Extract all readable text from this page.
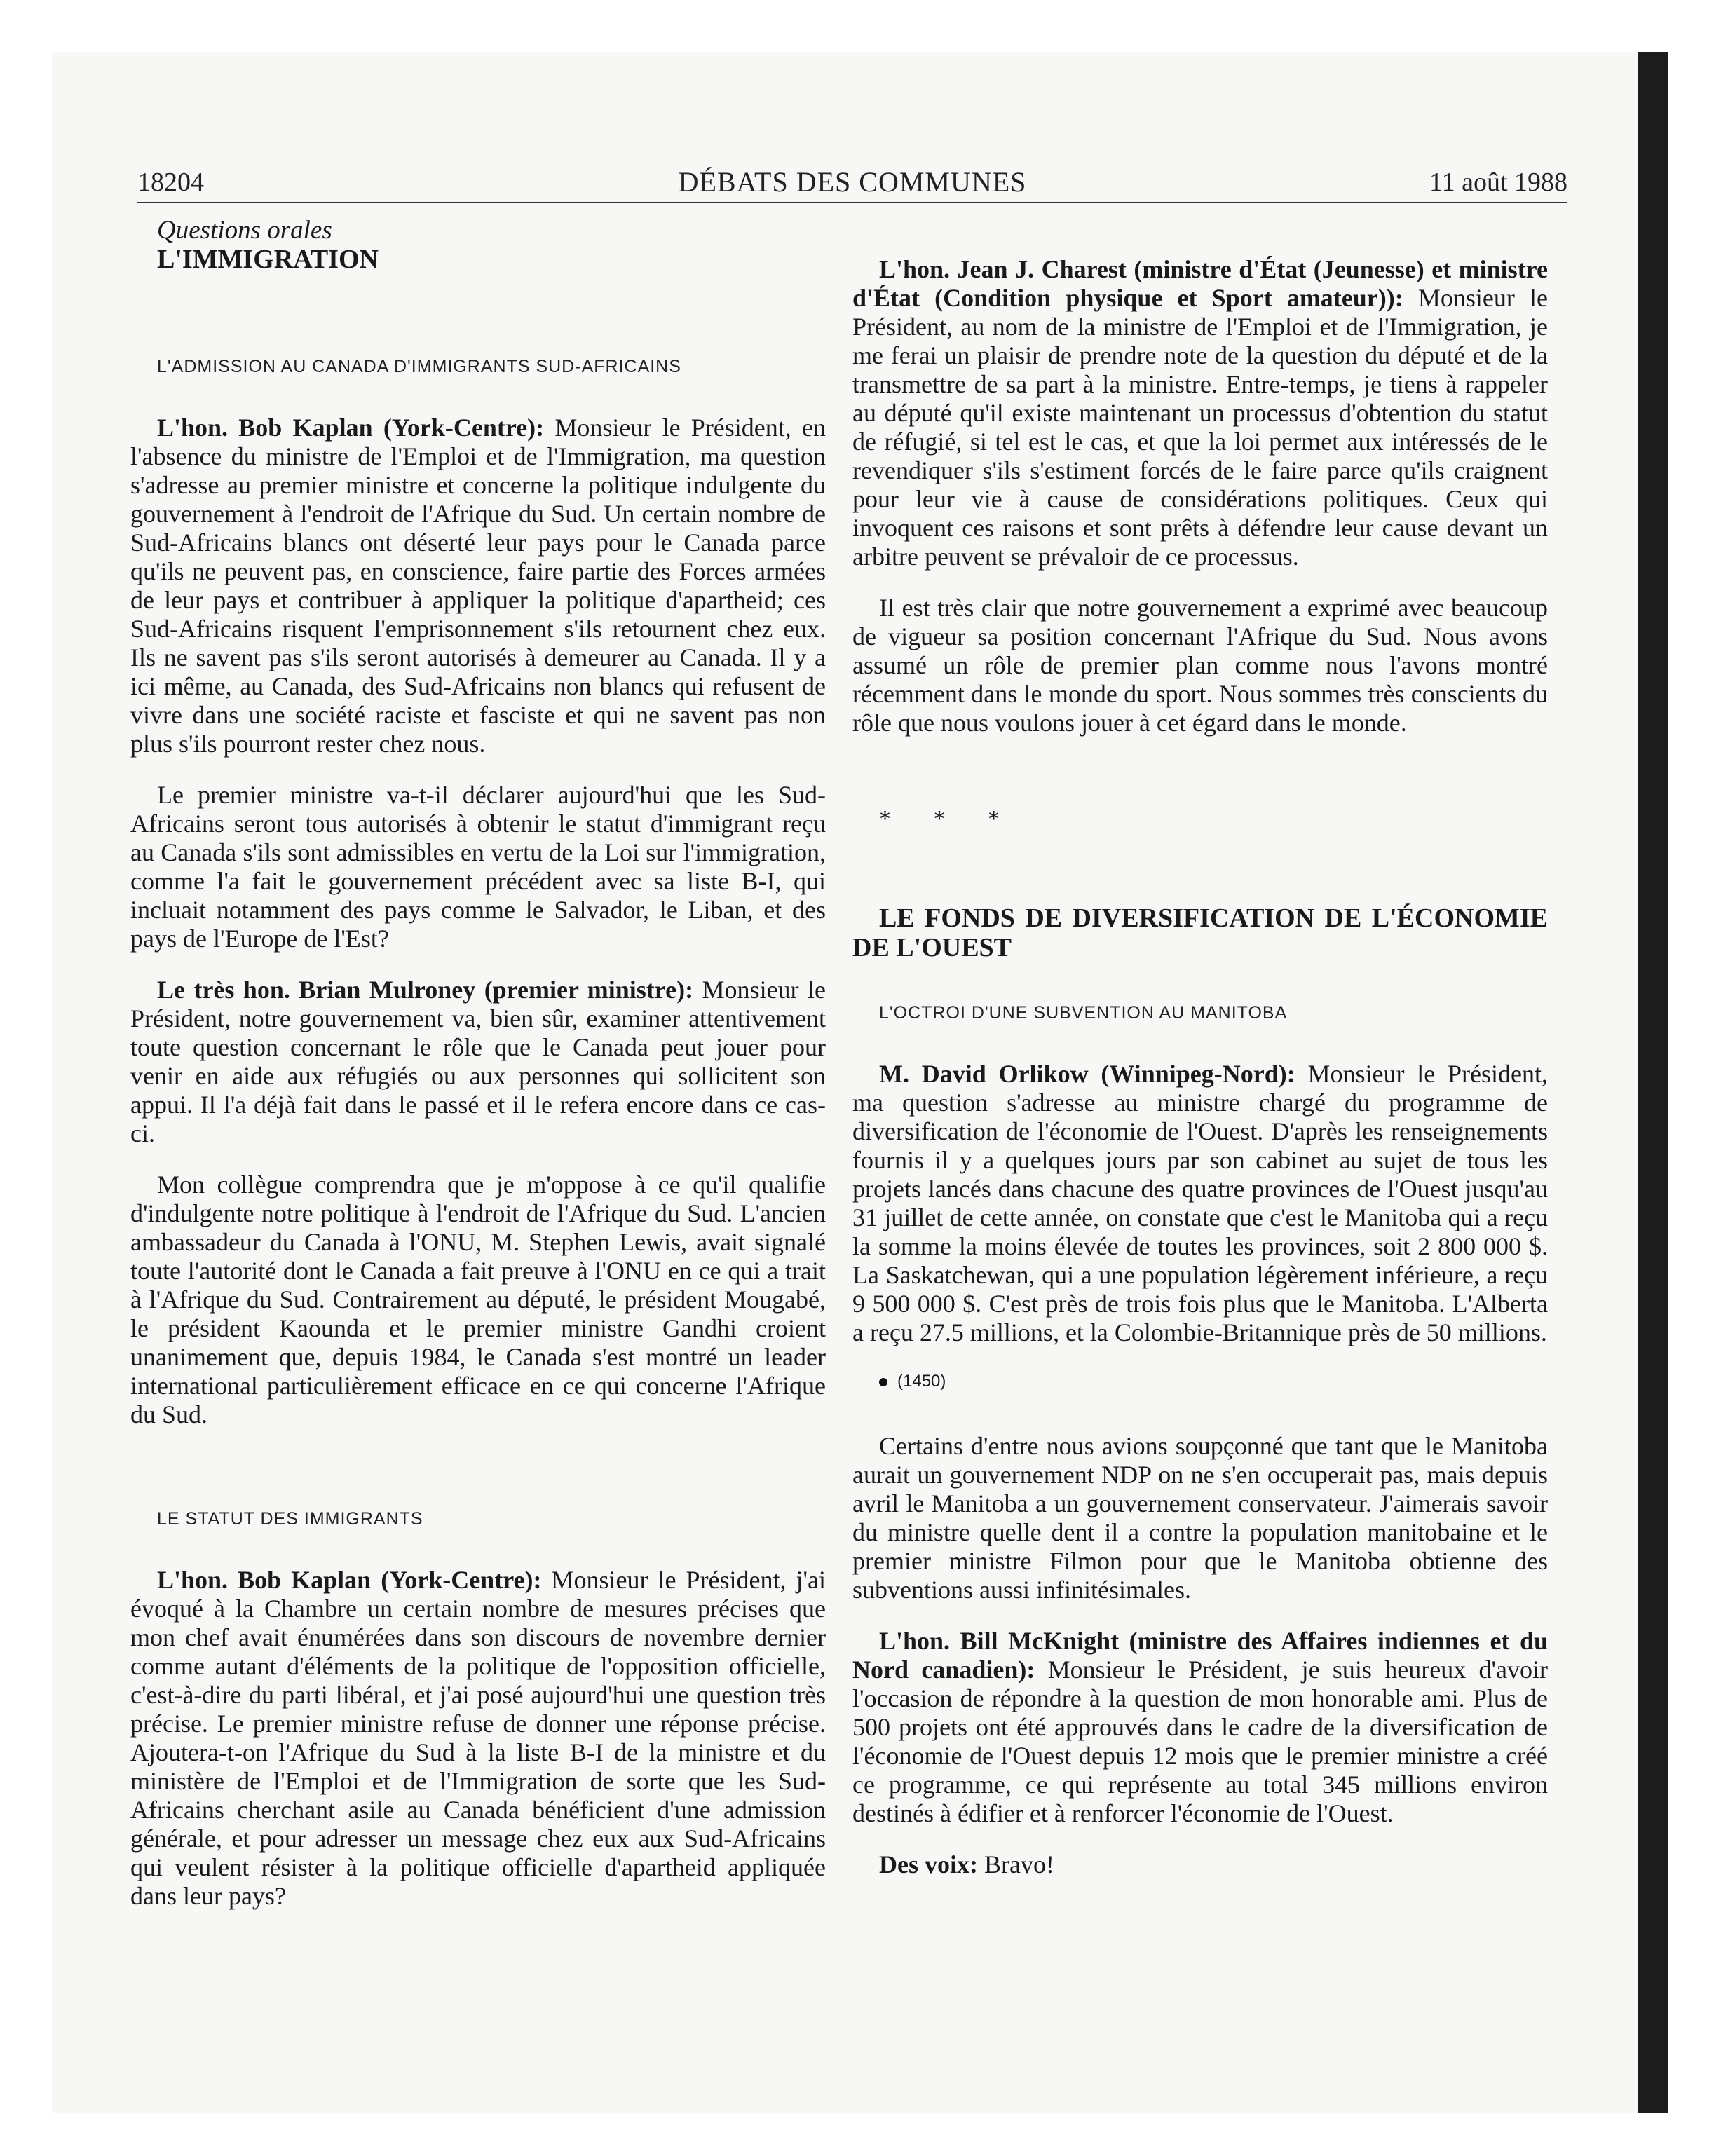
18204	DÉBATS DES COMMUNES	11 août 1988

Questions orales

L'IMMIGRATION

L'ADMISSION AU CANADA D'IMMIGRANTS SUD-AFRICAINS

L'hon. Bob Kaplan (York-Centre): Monsieur le Président, en l'absence du ministre de l'Emploi et de l'Immigration, ma question s'adresse au premier ministre et concerne la politique indulgente du gouvernement à l'endroit de l'Afrique du Sud. Un certain nombre de Sud-Africains blancs ont déserté leur pays pour le Canada parce qu'ils ne peuvent pas, en conscience, faire partie des Forces armées de leur pays et contribuer à appliquer la politique d'apartheid; ces Sud-Africains risquent l'emprisonnement s'ils retournent chez eux. Ils ne savent pas s'ils seront autorisés à demeurer au Canada. Il y a ici même, au Canada, des Sud-Africains non blancs qui refusent de vivre dans une société raciste et fasciste et qui ne savent pas non plus s'ils pourront rester chez nous.

Le premier ministre va-t-il déclarer aujourd'hui que les Sud-Africains seront tous autorisés à obtenir le statut d'immigrant reçu au Canada s'ils sont admissibles en vertu de la Loi sur l'immigration, comme l'a fait le gouvernement précédent avec sa liste B-I, qui incluait notamment des pays comme le Salvador, le Liban, et des pays de l'Europe de l'Est?

Le très hon. Brian Mulroney (premier ministre): Monsieur le Président, notre gouvernement va, bien sûr, examiner attentivement toute question concernant le rôle que le Canada peut jouer pour venir en aide aux réfugiés ou aux personnes qui sollicitent son appui. Il l'a déjà fait dans le passé et il le refera encore dans ce cas-ci.

Mon collègue comprendra que je m'oppose à ce qu'il qualifie d'indulgente notre politique à l'endroit de l'Afrique du Sud. L'ancien ambassadeur du Canada à l'ONU, M. Stephen Lewis, avait signalé toute l'autorité dont le Canada a fait preuve à l'ONU en ce qui a trait à l'Afrique du Sud. Contrairement au député, le président Mougabé, le président Kaounda et le premier ministre Gandhi croient unanimement que, depuis 1984, le Canada s'est montré un leader international particulièrement efficace en ce qui concerne l'Afrique du Sud.

LE STATUT DES IMMIGRANTS

L'hon. Bob Kaplan (York-Centre): Monsieur le Président, j'ai évoqué à la Chambre un certain nombre de mesures précises que mon chef avait énumérées dans son discours de novembre dernier comme autant d'éléments de la politique de l'opposition officielle, c'est-à-dire du parti libéral, et j'ai posé aujourd'hui une question très précise. Le premier ministre refuse de donner une réponse précise. Ajoutera-t-on l'Afrique du Sud à la liste B-I de la ministre et du ministère de l'Emploi et de l'Immigration de sorte que les Sud-Africains cherchant asile au Canada bénéficient d'une admission générale, et pour adresser un message chez eux aux Sud-Africains qui veulent résister à la politique officielle d'apartheid appliquée dans leur pays?

L'hon. Jean J. Charest (ministre d'État (Jeunesse) et ministre d'État (Condition physique et Sport amateur)): Monsieur le Président, au nom de la ministre de l'Emploi et de l'Immigration, je me ferai un plaisir de prendre note de la question du député et de la transmettre de sa part à la ministre. Entre-temps, je tiens à rappeler au député qu'il existe maintenant un processus d'obtention du statut de réfugié, si tel est le cas, et que la loi permet aux intéressés de le revendiquer s'ils s'estiment forcés de le faire parce qu'ils craignent pour leur vie à cause de considérations politiques. Ceux qui invoquent ces raisons et sont prêts à défendre leur cause devant un arbitre peuvent se prévaloir de ce processus.

Il est très clair que notre gouvernement a exprimé avec beaucoup de vigueur sa position concernant l'Afrique du Sud. Nous avons assumé un rôle de premier plan comme nous l'avons montré récemment dans le monde du sport. Nous sommes très conscients du rôle que nous voulons jouer à cet égard dans le monde.

* * *

LE FONDS DE DIVERSIFICATION DE L'ÉCONOMIE DE L'OUEST

L'OCTROI D'UNE SUBVENTION AU MANITOBA

M. David Orlikow (Winnipeg-Nord): Monsieur le Président, ma question s'adresse au ministre chargé du programme de diversification de l'économie de l'Ouest. D'après les renseignements fournis il y a quelques jours par son cabinet au sujet de tous les projets lancés dans chacune des quatre provinces de l'Ouest jusqu'au 31 juillet de cette année, on constate que c'est le Manitoba qui a reçu la somme la moins élevée de toutes les provinces, soit 2 800 000 $. La Saskatchewan, qui a une population légèrement inférieure, a reçu 9 500 000 $. C'est près de trois fois plus que le Manitoba. L'Alberta a reçu 27.5 millions, et la Colombie-Britannique près de 50 millions.

(1450)

Certains d'entre nous avions soupçonné que tant que le Manitoba aurait un gouvernement NDP on ne s'en occuperait pas, mais depuis avril le Manitoba a un gouvernement conservateur. J'aimerais savoir du ministre quelle dent il a contre la population manitobaine et le premier ministre Filmon pour que le Manitoba obtienne des subventions aussi infinitésimales.

L'hon. Bill McKnight (ministre des Affaires indiennes et du Nord canadien): Monsieur le Président, je suis heureux d'avoir l'occasion de répondre à la question de mon honorable ami. Plus de 500 projets ont été approuvés dans le cadre de la diversification de l'économie de l'Ouest depuis 12 mois que le premier ministre a créé ce programme, ce qui représente au total 345 millions environ destinés à édifier et à renforcer l'économie de l'Ouest.

Des voix: Bravo!
